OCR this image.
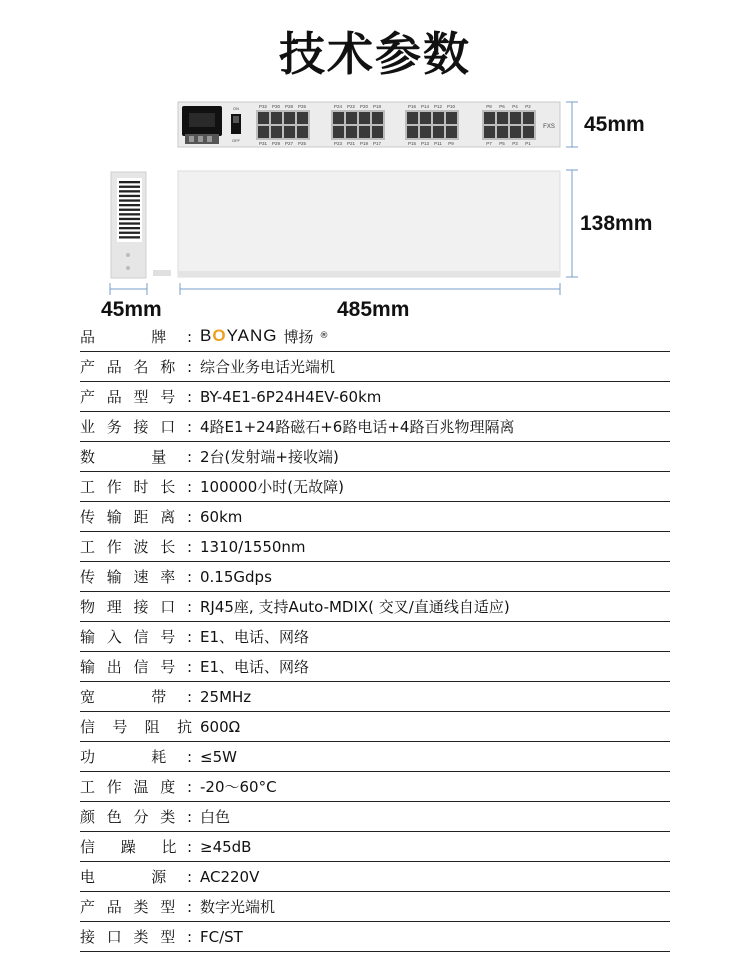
技术参数
ON
OFF
P32 P30 P28 P26
P31 P29 P27 P25
P24 P22 P20 P18
P23 P21 P19 P17
P16 P14 P12 P10
P15 P13 P11 P9
P8 P6 P4 P2
P7 P5 P3 P1
FXS 45mm
138mm
45mm	485mm
品　牌:	BOYANG 博扬 ®

产品名称:	综合业务电话光端机
产品型号:	BY-4E1-6P24H4EV-60km
业务接口:	4路E1+24路磁石+6路电话+4路百兆物理隔离
数　量:	2台(发射端+接收端)
工作时长:	100000小时(无故障)
传输距离:	60km
工作波长:	1310/1550nm
传输速率:	0.15Gdps
物理接口:	RJ45座, 支持Auto-MDIX( 交叉/直通线自适应)
输入信号:	E1、电话、网络
输出信号:	E1、电话、网络
宽　带:	25MHz
信号阻抗	600Ω
功　耗:	≤5W
工作温度:	-20～60°C
颜色分类:	白色
信 躁 比:	≥45dB
电　源:	AC220V
产品类型:	数字光端机
接口类型:	FC/ST
